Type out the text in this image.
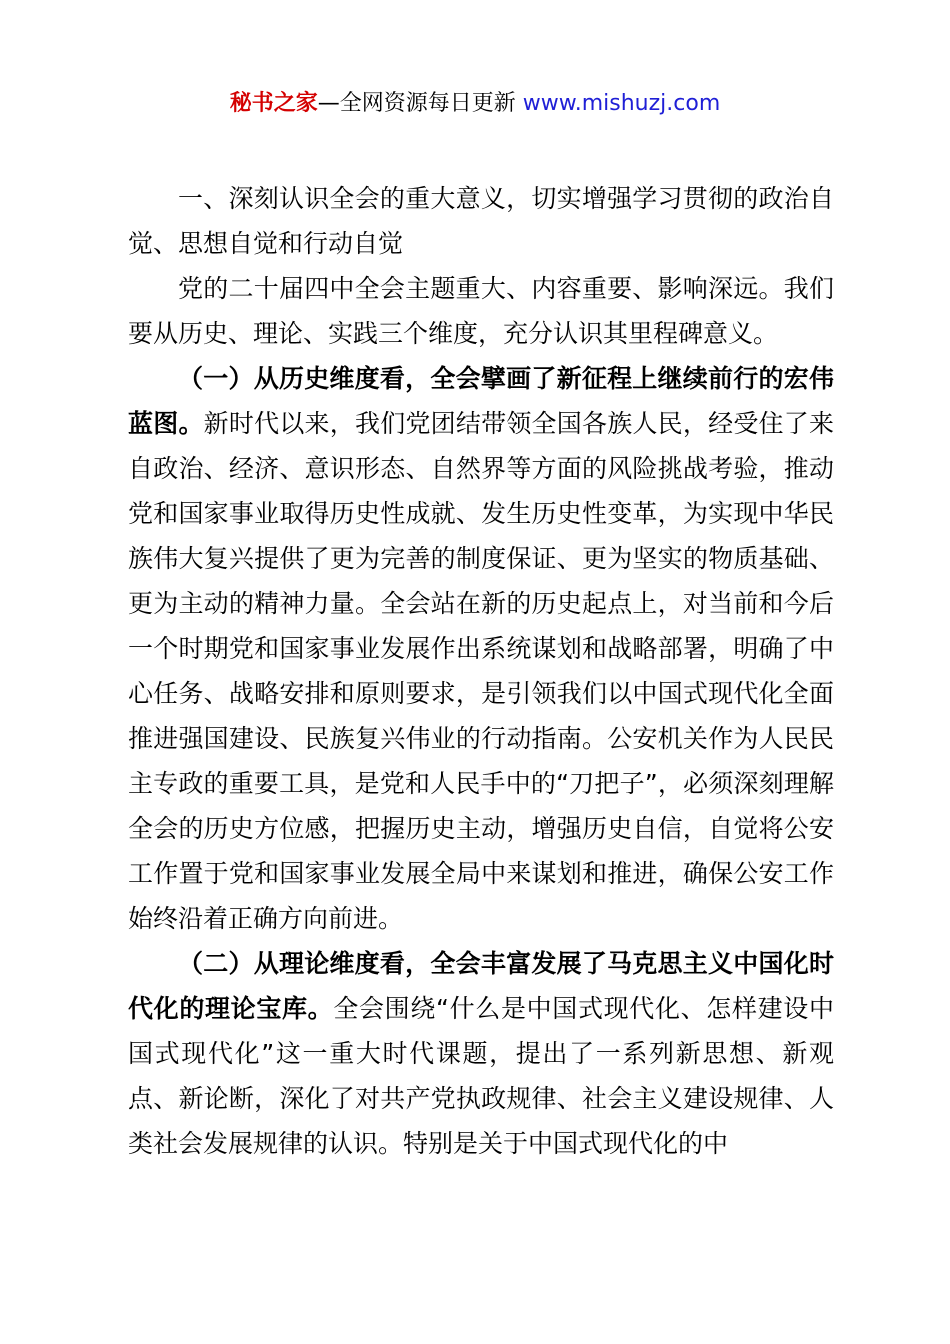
秘书之家—全网资源每日更新 www.mishuzj.com

一、深刻认识全会的重大意义，切实增强学习贯彻的政治自觉、思想自觉和行动自觉

党的二十届四中全会主题重大、内容重要、影响深远。我们要从历史、理论、实践三个维度，充分认识其里程碑意义。

（一）从历史维度看，全会擘画了新征程上继续前行的宏伟蓝图。新时代以来，我们党团结带领全国各族人民，经受住了来自政治、经济、意识形态、自然界等方面的风险挑战考验，推动党和国家事业取得历史性成就、发生历史性变革，为实现中华民族伟大复兴提供了更为完善的制度保证、更为坚实的物质基础、更为主动的精神力量。全会站在新的历史起点上，对当前和今后一个时期党和国家事业发展作出系统谋划和战略部署，明确了中心任务、战略安排和原则要求，是引领我们以中国式现代化全面推进强国建设、民族复兴伟业的行动指南。公安机关作为人民民主专政的重要工具，是党和人民手中的“刀把子”，必须深刻理解全会的历史方位感，把握历史主动，增强历史自信，自觉将公安工作置于党和国家事业发展全局中来谋划和推进，确保公安工作始终沿着正确方向前进。

（二）从理论维度看，全会丰富发展了马克思主义中国化时代化的理论宝库。全会围绕“什么是中国式现代化、怎样建设中国式现代化”这一重大时代课题，提出了一系列新思想、新观点、新论断，深化了对共产党执政规律、社会主义建设规律、人类社会发展规律的认识。特别是关于中国式现代化的中
